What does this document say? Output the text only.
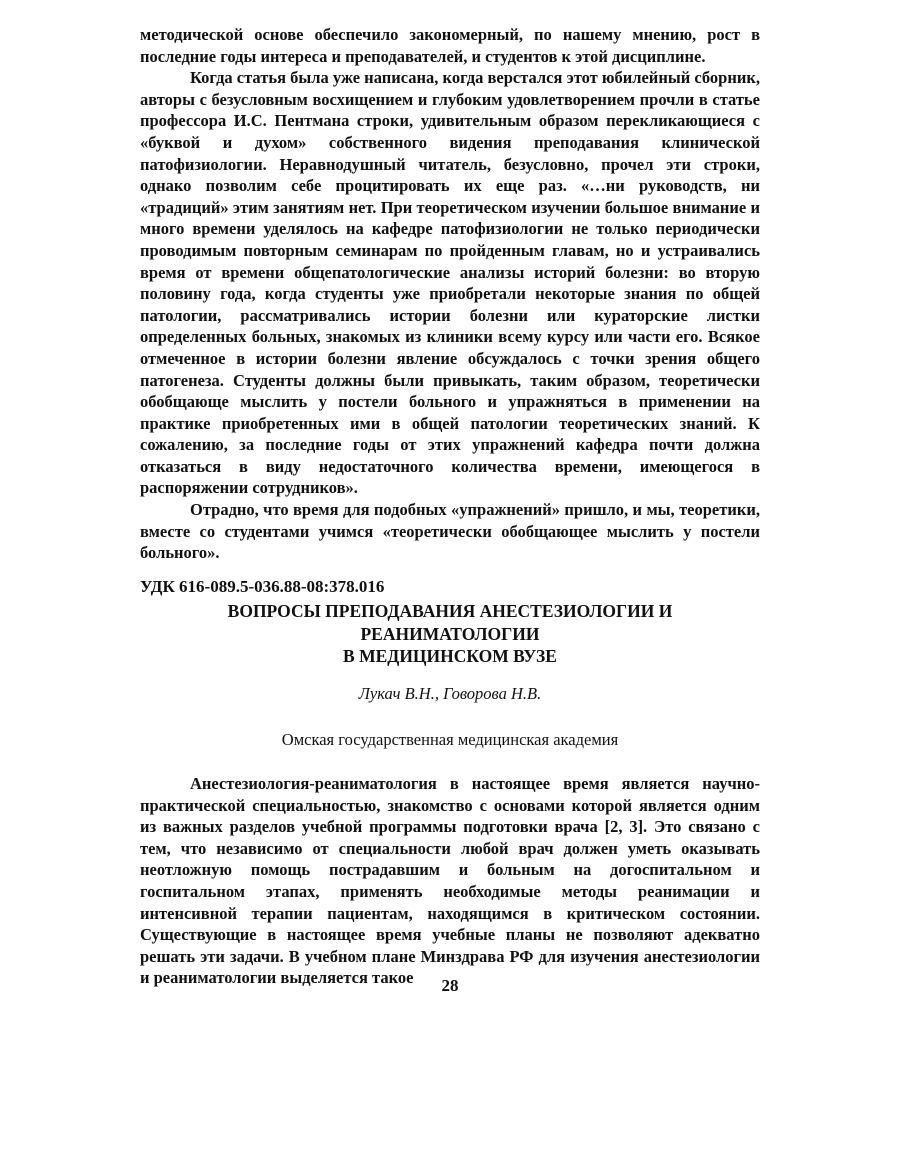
методической основе обеспечило закономерный, по нашему мнению, рост в последние годы интереса и преподавателей, и студентов к этой дисциплине.

Когда статья была уже написана, когда верстался этот юбилейный сборник, авторы с безусловным восхищением и глубоким удовлетворением прочли в статье профессора И.С. Пентмана строки, удивительным образом перекликающиеся с «буквой и духом» собственного видения преподавания клинической патофизиологии. Неравнодушный читатель, безусловно, прочел эти строки, однако позволим себе процитировать их еще раз. «…ни руководств, ни «традиций» этим занятиям нет. При теоретическом изучении большое внимание и много времени уделялось на кафедре патофизиологии не только периодически проводимым повторным семинарам по пройденным главам, но и устраивались время от времени общепатологические анализы историй болезни: во вторую половину года, когда студенты уже приобретали некоторые знания по общей патологии, рассматривались истории болезни или кураторские листки определенных больных, знакомых из клиники всему курсу или части его. Всякое отмеченное в истории болезни явление обсуждалось с точки зрения общего патогенеза. Студенты должны были привыкать, таким образом, теоретически обобщающе мыслить у постели больного и упражняться в применении на практике приобретенных ими в общей патологии теоретических знаний. К сожалению, за последние годы от этих упражнений кафедра почти должна отказаться в виду недостаточного количества времени, имеющегося в распоряжении сотрудников».

Отрадно, что время для подобных «упражнений» пришло, и мы, теоретики, вместе со студентами учимся «теоретически обобщающее мыслить у постели больного».

УДК 616-089.5-036.88-08:378.016
ВОПРОСЫ ПРЕПОДАВАНИЯ АНЕСТЕЗИОЛОГИИ И
РЕАНИМАТОЛОГИИ
В МЕДИЦИНСКОМ ВУЗЕ
Лукач В.Н., Говорова Н.В.
Омская государственная медицинская академия

Анестезиология-реаниматология в настоящее время является научно-практической специальностью, знакомство с основами которой является одним из важных разделов учебной программы подготовки врача [2, 3]. Это связано с тем, что независимо от специальности любой врач должен уметь оказывать неотложную помощь пострадавшим и больным на догоспитальном и госпитальном этапах, применять необходимые методы реанимации и интенсивной терапии пациентам, находящимся в критическом состоянии. Существующие в настоящее время учебные планы не позволяют адекватно решать эти задачи. В учебном плане Минздрава РФ для изучения анестезиологии и реаниматологии выделяется такое	28
